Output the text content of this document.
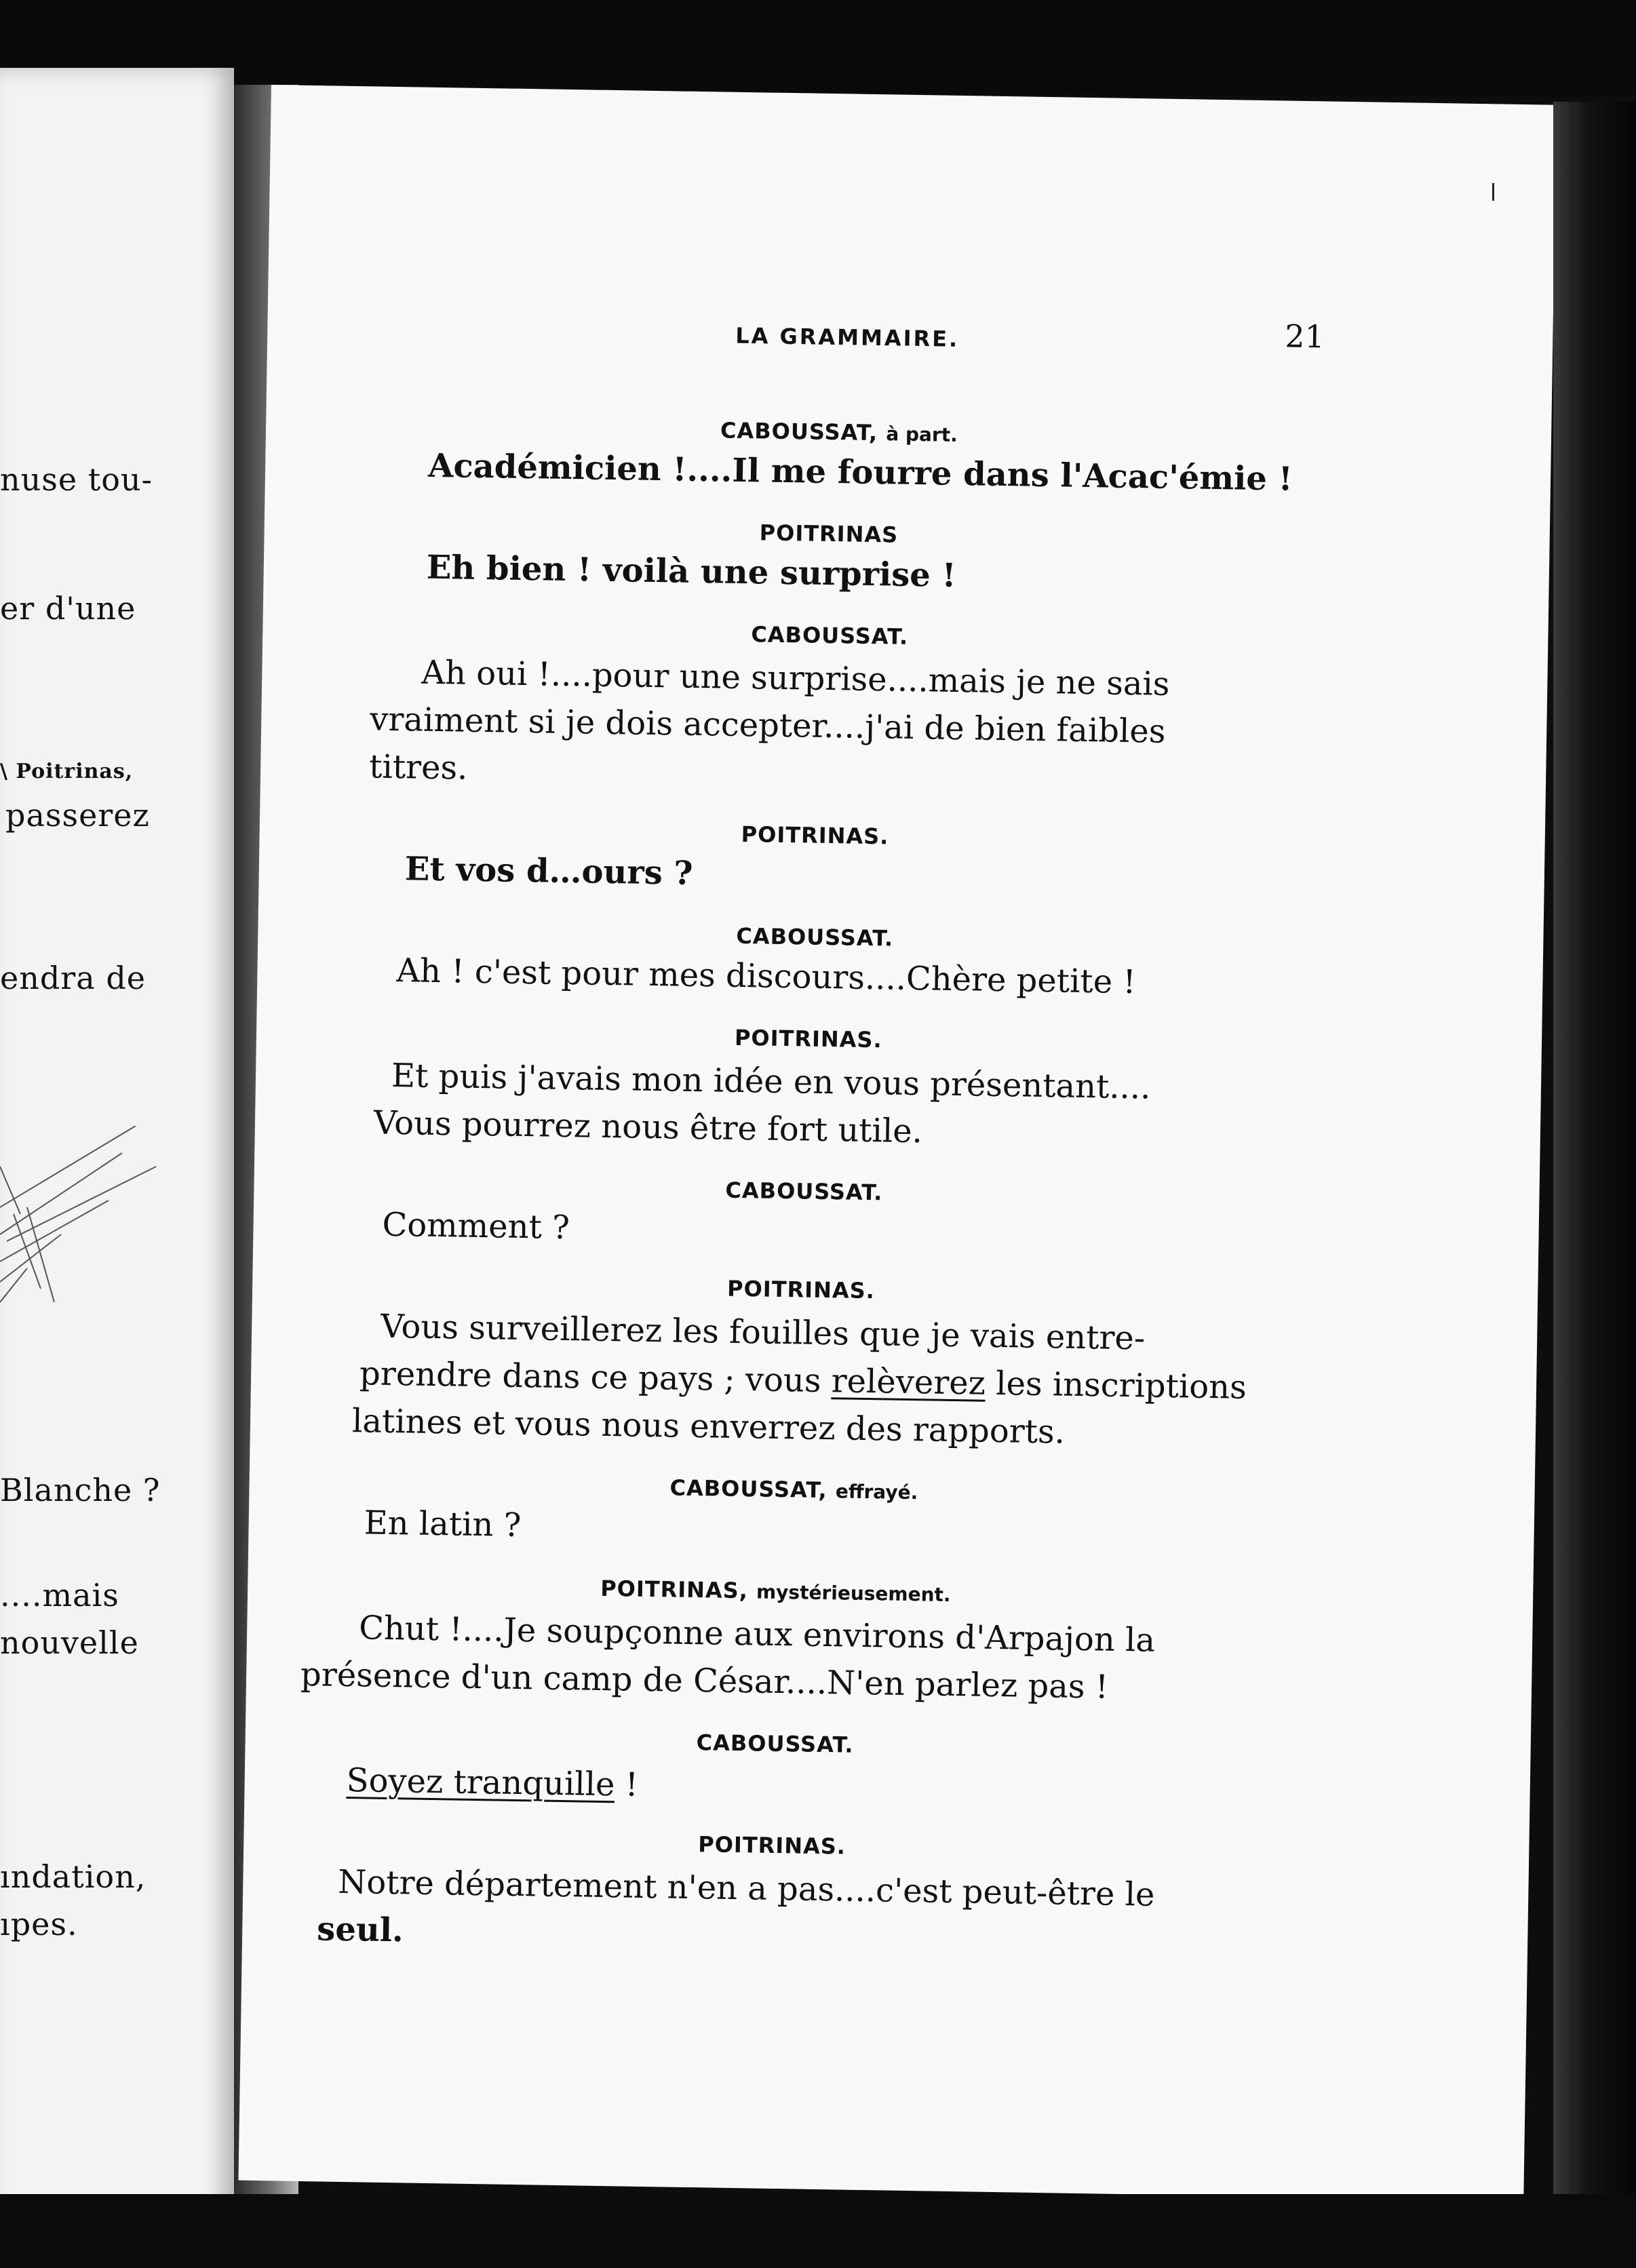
nuse tou-
er d'une
\ Poitrinas,
passerez
endra de
Blanche ?
....mais
nouvelle
ındation,
ıpes.
LA GRAMMAIRE.	21
CABOUSSAT, à part.
Académicien !....Il me fourre dans l'Acac'émie !
POITRINAS
Eh bien ! voilà une surprise !
CABOUSSAT.
Ah oui !....pour une surprise....mais je ne sais
vraiment si je dois accepter....j'ai de bien faibles
titres.
POITRINAS.
Et vos d…ours ?
CABOUSSAT.
Ah ! c'est pour mes discours....Chère petite !
POITRINAS.
Et puis j'avais mon idée en vous présentant....
Vous pourrez nous être fort utile.
CABOUSSAT.
Comment ?
POITRINAS.
Vous surveillerez les fouilles que je vais entre-
prendre dans ce pays ; vous relèverez les inscriptions
latines et vous nous enverrez des rapports.
CABOUSSAT, effrayé.
En latin ?
POITRINAS, mystérieusement.
Chut !....Je soupçonne aux environs d'Arpajon la
présence d'un camp de César....N'en parlez pas !
CABOUSSAT.
Soyez tranquille !
POITRINAS.
Notre département n'en a pas....c'est peut-être le
seul.
